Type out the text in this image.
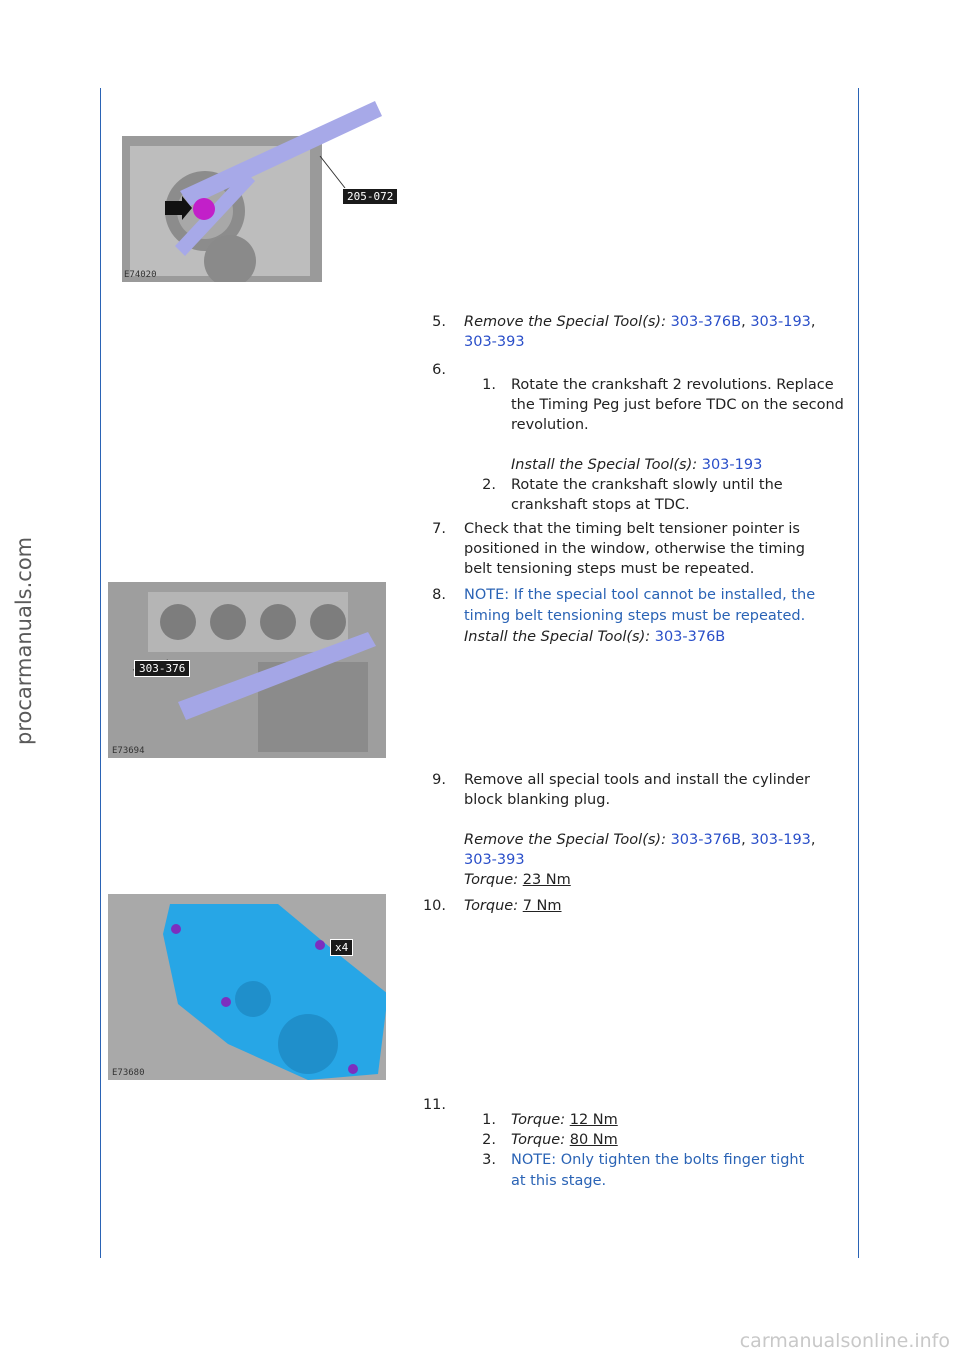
procarmanuals.com
carmanualsonline.info
205-072
E74020
303-376
E73694
x4
E73680
5. Remove the Special Tool(s): 303-376B, 303-193,
303-393
6.
1. Rotate the crankshaft 2 revolutions. Replace the Timing Peg just before TDC on the second revolution.
Install the Special Tool(s): 303-193
2. Rotate the crankshaft slowly until the crankshaft stops at TDC.
7. Check that the timing belt tensioner pointer is positioned in the window, otherwise the timing belt tensioning steps must be repeated.
8. NOTE: If the special tool cannot be installed, the timing belt tensioning steps must be repeated.
Install the Special Tool(s): 303-376B
9. Remove all special tools and install the cylinder block blanking plug.
Remove the Special Tool(s): 303-376B, 303-193,
303-393
Torque: 23 Nm
10. Torque: 7 Nm
11.
1. Torque: 12 Nm
2. Torque: 80 Nm
3. NOTE: Only tighten the bolts finger tight at this stage.
